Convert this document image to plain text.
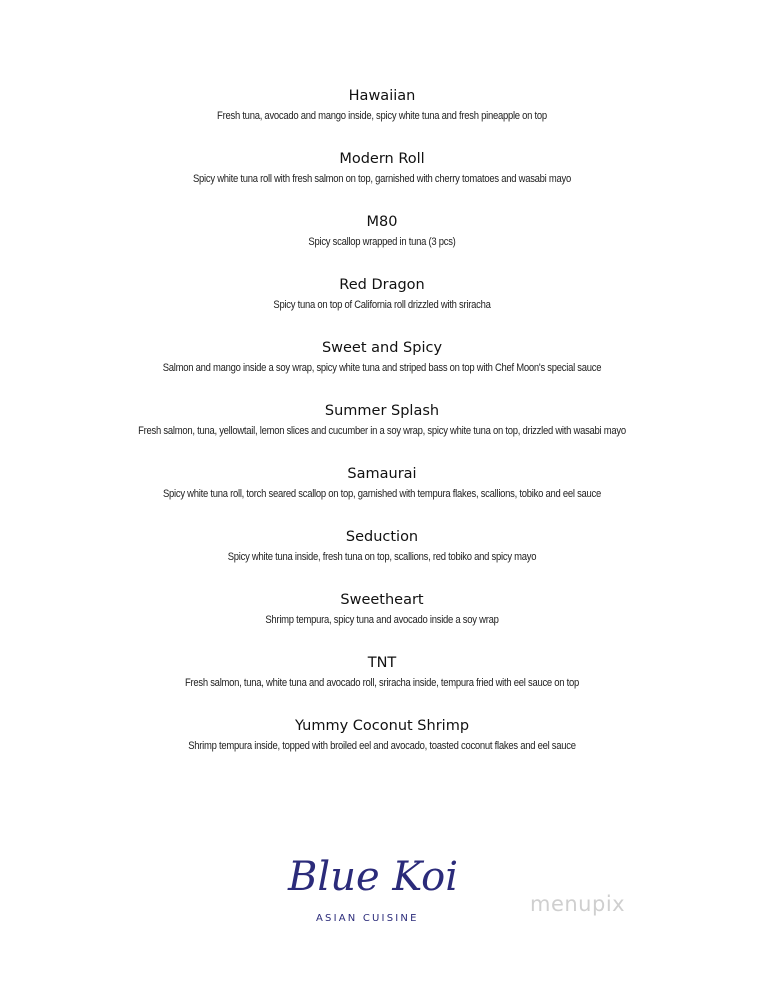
Hawaiian
Fresh tuna, avocado and mango inside, spicy white tuna and fresh pineapple on top
Modern Roll
Spicy white tuna roll with fresh salmon on top, garnished with cherry tomatoes and wasabi mayo
M80
Spicy scallop wrapped in tuna (3 pcs)
Red Dragon
Spicy tuna on top of California roll drizzled with sriracha
Sweet and Spicy
Salmon and mango inside a soy wrap, spicy white tuna and striped bass on top with Chef Moon's special sauce
Summer Splash
Fresh salmon, tuna, yellowtail, lemon slices and cucumber in a soy wrap, spicy white tuna on top, drizzled with wasabi mayo
Samaurai
Spicy white tuna roll, torch seared scallop on top, garnished with tempura flakes, scallions, tobiko and eel sauce
Seduction
Spicy white tuna inside, fresh tuna on top, scallions, red tobiko and spicy mayo
Sweetheart
Shrimp tempura, spicy tuna and avocado inside a soy wrap
TNT
Fresh salmon, tuna, white tuna and avocado roll, sriracha inside, tempura fried with eel sauce on top
Yummy Coconut Shrimp
Shrimp tempura inside, topped with broiled eel and avocado, toasted coconut flakes and eel sauce
Blue Koi
ASIAN CUISINE
menupix
